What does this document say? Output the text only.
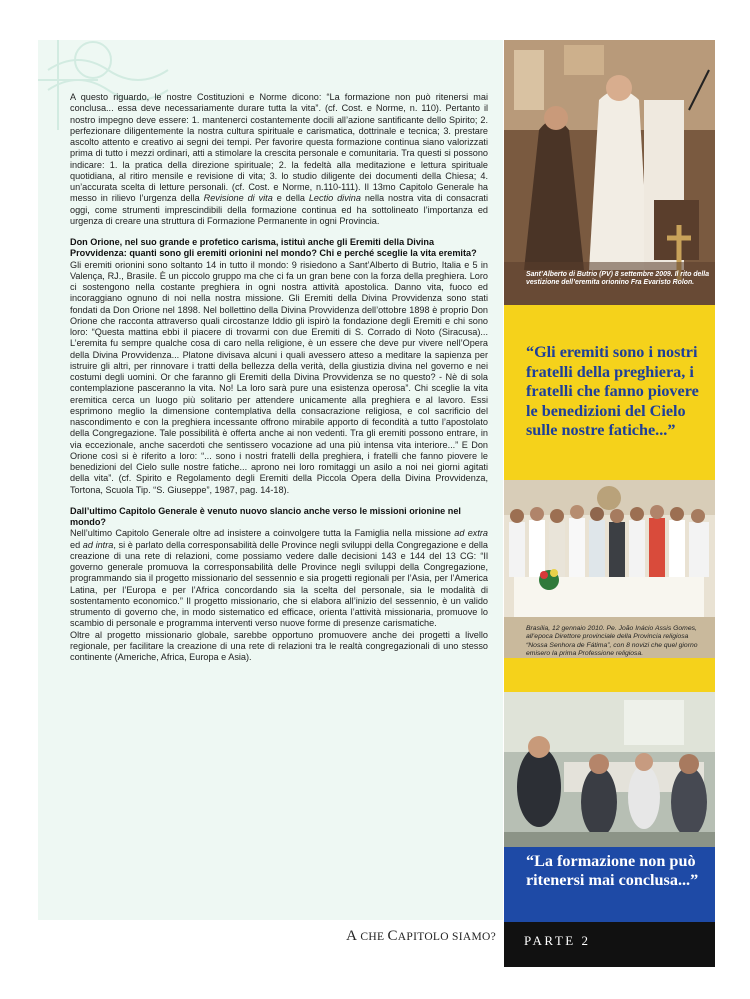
A questo riguardo, le nostre Costituzioni e Norme dicono: “La formazione non può ritenersi mai conclusa... essa deve necessariamente durare tutta la vita”. (cf. Cost. e Norme, n. 110). Pertanto il nostro impegno deve essere: 1. mantenerci costantemente docili all’azione santificante dello Spirito; 2. perfezionare diligentemente la nostra cultura spirituale e carismatica, dottrinale e tecnica; 3. prestare ascolto attento e creativo ai segni dei tempi. Per favorire questa formazione continua siano valorizzati prima di tutto i mezzi ordinari, atti a stimolare la crescita personale e comunitaria. Tra questi si possono indicare: 1. la pratica della direzione spirituale; 2. la fedeltà alla meditazione e lettura spirituale quotidiana, al ritiro mensile e revisione di vita; 3. lo studio diligente dei documenti della Chiesa; 4. un’accurata scelta di letture personali. (cf. Cost. e Norme, n.110-111). Il 13mo Capitolo Generale ha messo in rilievo l’urgenza della Revisione di vita e della Lectio divina nella nostra vita di consacrati oggi, come strumenti imprescindibili della formazione continua ed ha sottolineato l’importanza ed urgenza di creare una struttura di Formazione Permanente in ogni Provincia.

Don Orione, nel suo grande e profetico carisma, istituì anche gli Eremiti della Divina Provvidenza: quanti sono gli eremiti orionini nel mondo? Chi e perché sceglie la vita eremita?

Gli eremiti orionini sono soltanto 14 in tutto il mondo: 9 risiedono a Sant’Alberto di Butrio, Italia e 5 in Valença, RJ., Brasile. È un piccolo gruppo ma che ci fa un gran bene con la forza della preghiera. Loro ci sostengono nella costante preghiera in ogni nostra attività apostolica. Danno vita, fuoco ed incoraggiano ognuno di noi nella nostra missione. Gli Eremiti della Divina Provvidenza sono stati fondati da Don Orione nel 1898. Nel bollettino della Divina Provvidenza dell’ottobre 1898 è proprio Don Orione che racconta attraverso quali circostanze Iddio gli ispirò la fondazione degli Eremiti e chi sono loro: “Questa mattina ebbi il piacere di trovarmi con due Eremiti di S. Corrado di Noto (Siracusa)... L’eremita fu sempre qualche cosa di caro nella religione, è un essere che deve pur vivere nell’Opera della Divina Provvidenza... Platone divisava alcuni i quali avessero atteso a meditare la sapienza per istruire gli altri, per rinnovare i tratti della bellezza della verità, della giustizia divina nel governo e nei costumi degli uomini. Or che faranno gli Eremiti della Divina Provvidenza se no questo? - Nè di sola contemplazione pasceranno la vita. No! La loro sarà pure una esistenza operosa”. Chi sceglie la vita eremitica cerca un luogo più solitario per attendere unicamente alla preghiera e al lavoro. Essi esprimono meglio la dimensione contemplativa della consacrazione religiosa, e col sacrificio del nascondimento e con la preghiera incessante offrono mirabile apporto di fecondità a tutto l’apostolato della Congregazione. Tale possibilità è offerta anche ai non vedenti. Tra gli eremiti possono entrare, in via eccezionale, anche sacerdoti che sentissero vocazione ad una più intensa vita interiore...” E Don Orione così si è riferito a loro: “... sono i nostri fratelli della preghiera, i fratelli che fanno piovere le benedizioni del Cielo sulle nostre fatiche... aprono nei loro romitaggi un asilo a noi nei giorni agitati della vita”. (cf. Spirito e Regolamento degli Eremiti della Piccola Opera della Divina Provvidenza, Tortona, Scuola Tip. “S. Giuseppe”, 1987, pag. 14-18).

Dall’ultimo Capitolo Generale è venuto nuovo slancio anche verso le missioni orionine nel mondo?

Nell’ultimo Capitolo Generale oltre ad insistere a coinvolgere tutta la Famiglia nella missione ad extra ed ad intra, si è parlato della corresponsabilità delle Province negli sviluppi della Congregazione e della creazione di una rete di relazioni, come possiamo vedere dalle decisioni 143 e 144 del 13 CG: “Il governo generale promuova la corresponsabilità delle Province negli sviluppi della Congregazione, programmando sia il progetto missionario del sessennio e sia progetti regionali per l’Asia, per l’America Latina, per l’Europa e per l’Africa concordando sia la scelta del personale, sia le modalità di sostentamento economico.” Il progetto missionario, che si elabora all’inizio del sessennio, è un valido strumento di governo che, in modo sistematico ed efficace, orienta l’attività missionaria, promuove lo scambio di personale e programma interventi verso nuove forme di presenze carismatiche.

Oltre al progetto missionario globale, sarebbe opportuno promuovere anche dei progetti a livello regionale, per facilitare la creazione di una rete di relazioni tra le realtà congregazionali di uno stesso continente (Americhe, Africa, Europa e Asia).

A CHE CAPITOLO SIAMO?
Sant’Alberto di Butrio (PV) 8 settembre 2009. Il rito della vestizione dell’eremita orionino Fra Evaristo Rolon.
“Gli eremiti sono i nostri fratelli della preghiera, i fratelli che fanno piovere le benedizioni del Cielo sulle nostre fatiche...”
Brasilia, 12 gennaio 2010. Pe. João Inácio Assis Gomes, all’epoca Direttore provinciale della Provincia religiosa “Nossa Senhora de Fátima”, con 8 novizi che quel giorno emisero la prima Professione religiosa.
“La formazione non può ritenersi mai conclusa...”
PARTE 2
